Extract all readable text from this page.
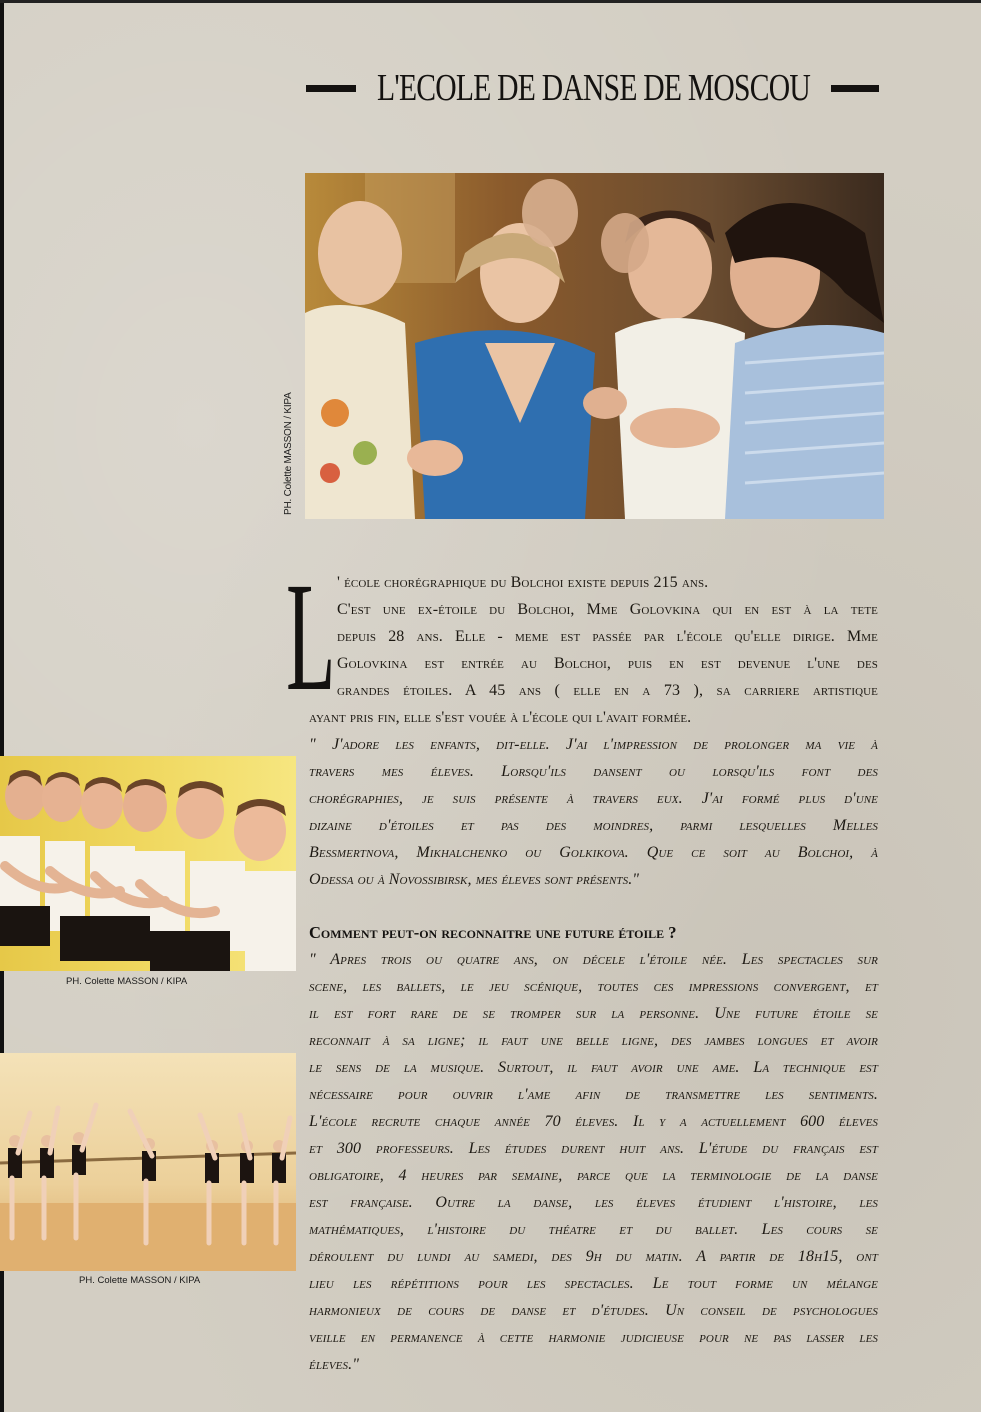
L'ECOLE DE DANSE DE MOSCOU
PH. Colette MASSON / KIPA
PH. Colette MASSON / KIPA
PH. Colette MASSON / KIPA
L ' école chorégraphique du Bolchoi existe depuis 215 ans.
C'est une ex-étoile du Bolchoi, Mme Golovkina qui en est à la tete
depuis 28 ans. Elle - meme est passée par l'école qu'elle dirige. Mme
Golovkina est entrée au Bolchoi, puis en est devenue l'une des
grandes étoiles. A 45 ans ( elle en a 73 ), sa carriere artistique
ayant pris fin, elle s'est vouée à l'école qui l'avait formée.
" J'adore les enfants, dit-elle. J'ai l'impression de prolonger ma vie à
travers mes éleves. Lorsqu'ils dansent ou lorsqu'ils font des
chorégraphies, je suis présente à travers eux. J'ai formé plus d'une
dizaine d'étoiles et pas des moindres, parmi lesquelles Melles
Bessmertnova, Mikhalchenko ou Golkikova. Que ce soit au Bolchoi, à
Odessa ou à Novossibirsk, mes éleves sont présents."
Comment peut-on reconnaitre une future étoile ?
" Apres trois ou quatre ans, on décele l'étoile née. Les spectacles sur
scene, les ballets, le jeu scénique, toutes ces impressions convergent, et
il est fort rare de se tromper sur la personne. Une future étoile se
reconnait à sa ligne; il faut une belle ligne, des jambes longues et avoir
le sens de la musique. Surtout, il faut avoir une ame. La technique est
nécessaire pour ouvrir l'ame afin de transmettre les sentiments.
L'école recrute chaque année 70 éleves. Il y a actuellement 600 éleves
et 300 professeurs. Les études durent huit ans. L'étude du français est
obligatoire, 4 heures par semaine, parce que la terminologie de la danse
est française. Outre la danse, les éleves étudient l'histoire, les
mathématiques, l'histoire du théatre et du ballet. Les cours se
déroulent du lundi au samedi, des 9h du matin. A partir de 18h15, ont
lieu les répétitions pour les spectacles. Le tout forme un mélange
harmonieux de cours de danse et d'études. Un conseil de psychologues
veille en permanence à cette harmonie judicieuse pour ne pas lasser les
éleves."
